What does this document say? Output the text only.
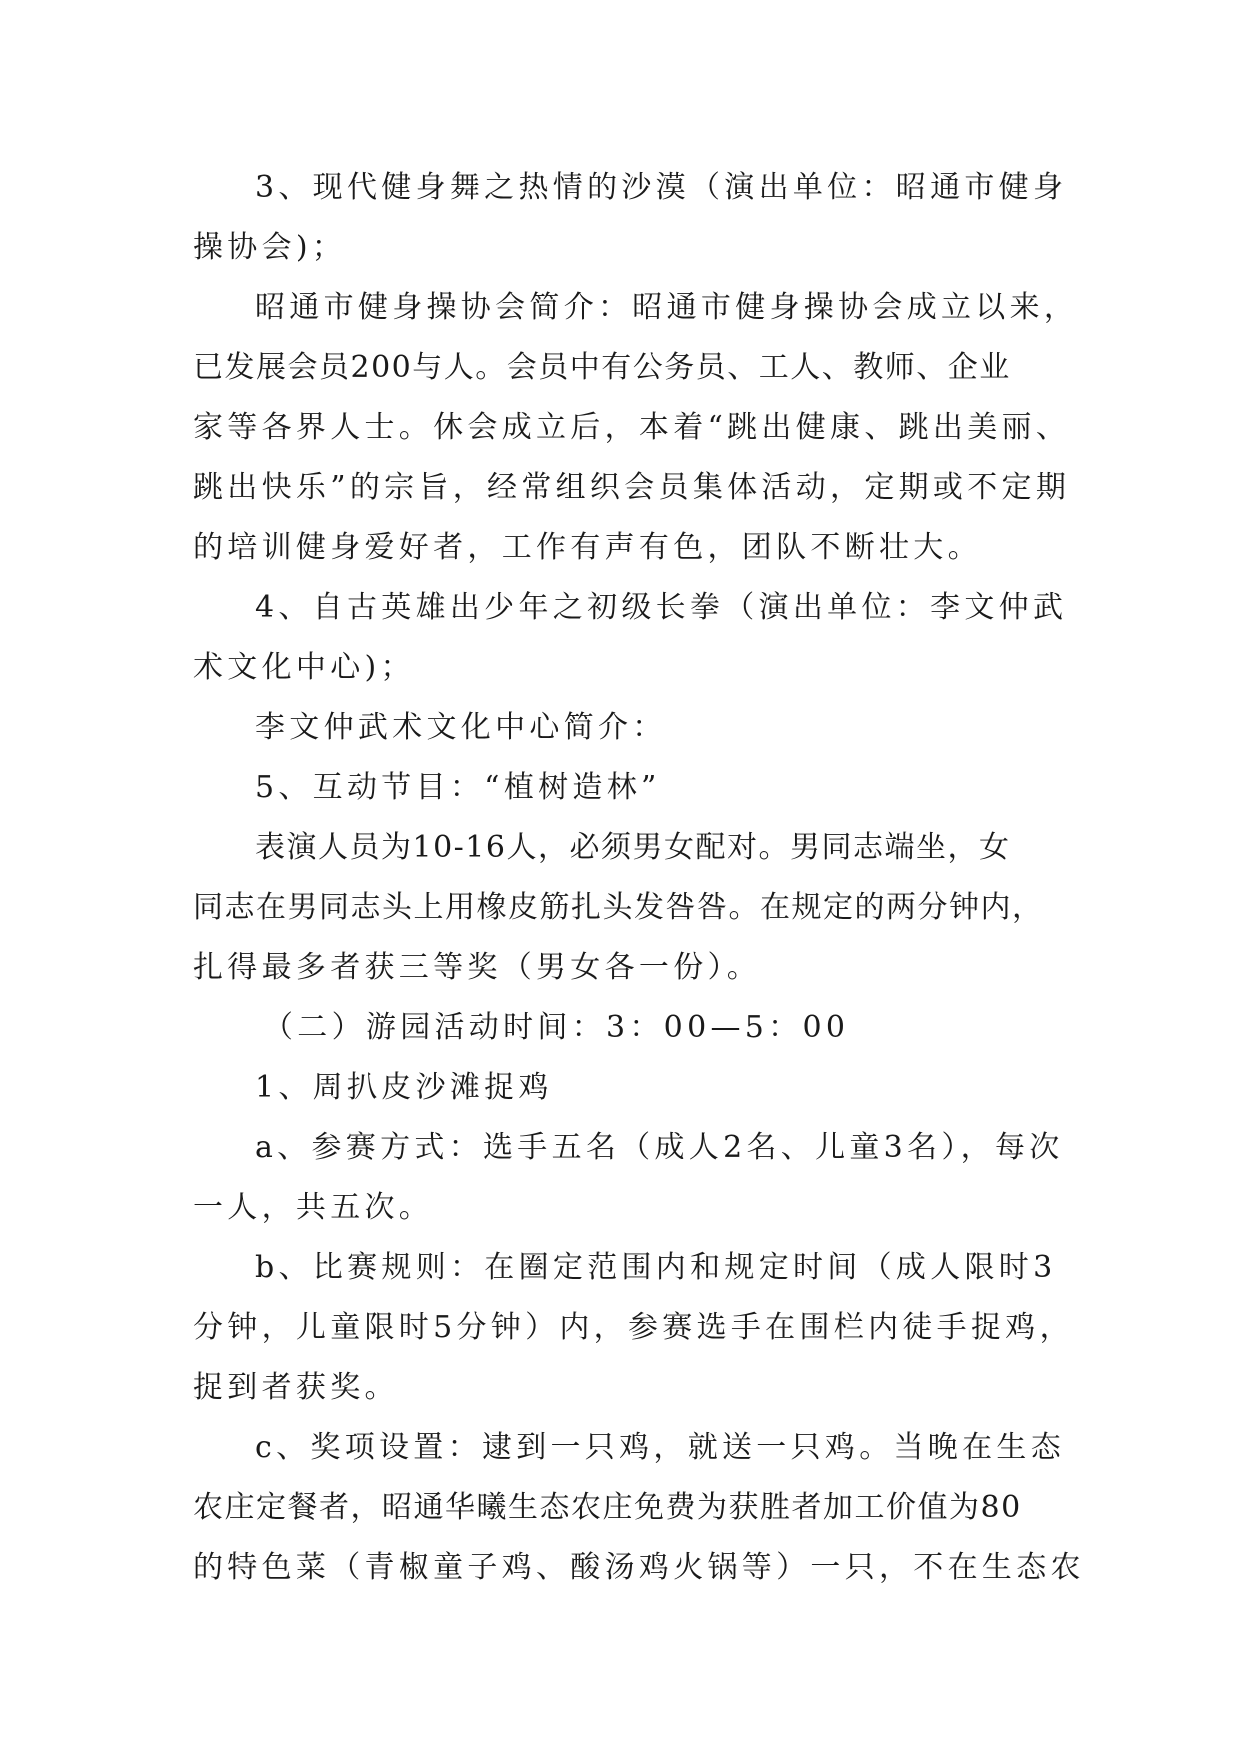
3、现代健身舞之热情的沙漠（演出单位：昭通市健身
操协会)；
昭通市健身操协会简介：昭通市健身操协会成立以来，
已发展会员200与人。会员中有公务员、工人、教师、企业
家等各界人士。休会成立后，本着“跳出健康、跳出美丽、
跳出快乐”的宗旨，经常组织会员集体活动，定期或不定期
的培训健身爱好者，工作有声有色，团队不断壮大。
4、自古英雄出少年之初级长拳（演出单位：李文仲武
术文化中心)；
李文仲武术文化中心简介：
5、互动节目：“植树造林”
表演人员为10-16人，必须男女配对。男同志端坐，女
同志在男同志头上用橡皮筋扎头发咎咎。在规定的两分钟内，
扎得最多者获三等奖（男女各一份）。
（二）游园活动时间：3：00—5：00
1、周扒皮沙滩捉鸡
a、参赛方式：选手五名（成人2名、儿童3名），每次
一人，共五次。
b、比赛规则：在圈定范围内和规定时间（成人限时3
分钟，儿童限时5分钟）内，参赛选手在围栏内徒手捉鸡，
捉到者获奖。
c、奖项设置：逮到一只鸡，就送一只鸡。当晚在生态
农庄定餐者，昭通华曦生态农庄免费为获胜者加工价值为80
的特色菜（青椒童子鸡、酸汤鸡火锅等）一只，不在生态农
